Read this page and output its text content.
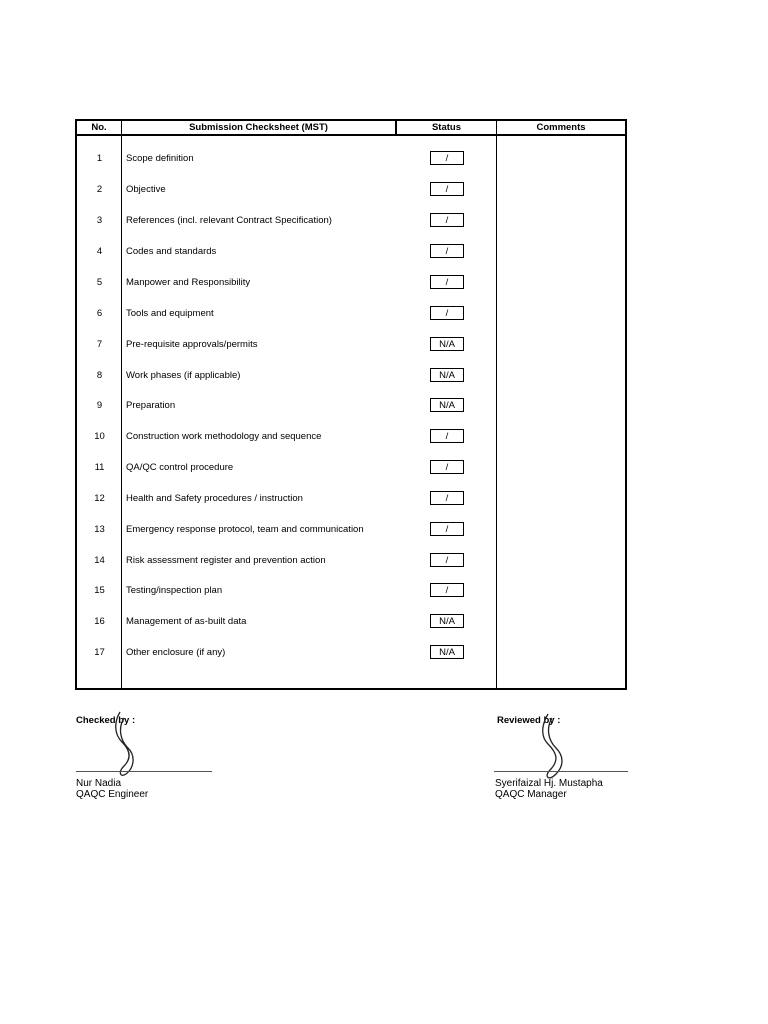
No.	Submission Checksheet (MST)	Status	Comments
1	Scope definition	/
2	Objective	/
3	References (incl. relevant Contract Specification)	/
4	Codes and standards	/
5	Manpower and Responsibility	/
6	Tools and equipment	/
7	Pre-requisite approvals/permits	N/A
8	Work phases (if applicable)	N/A
9	Preparation	N/A
10	Construction work methodology and sequence	/
11	QA/QC control procedure	/
12	Health and Safety procedures / instruction	/
13	Emergency response protocol, team and communication	/
14	Risk assessment register and prevention action	/
15	Testing/inspection plan	/
16	Management of as-built data	N/A
17	Other enclosure (if any)	N/A
Checked by :
Nur Nadia
QAQC Engineer
Reviewed by :
Syerifaizal Hj. Mustapha
QAQC Manager
